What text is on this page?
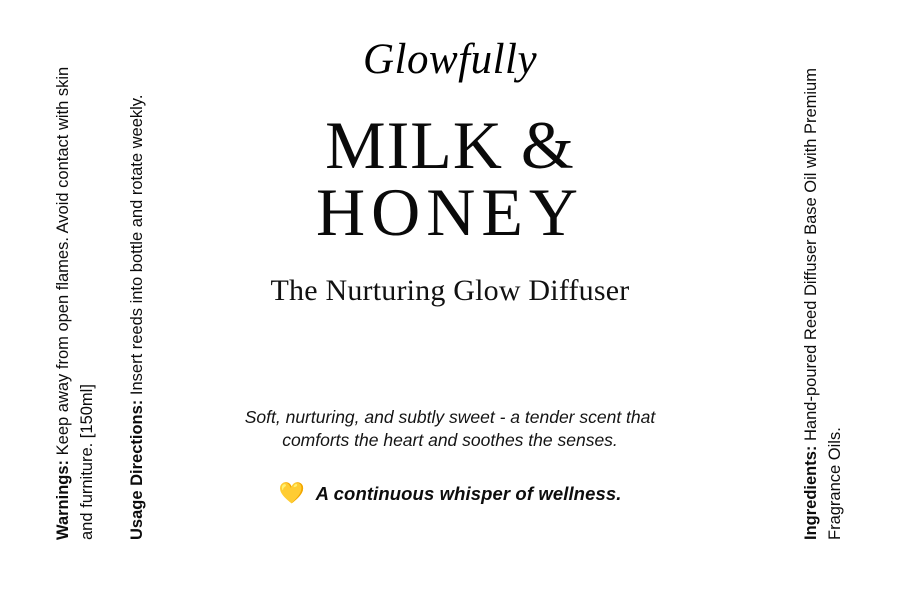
Warnings: Keep away from open flames. Avoid contact with skin and furniture. [150ml] Usage Directions: Insert reeds into bottle and rotate weekly.
Ingredients: Hand-poured Reed Diffuser Base Oil with Premium Fragrance Oils.
Glowfully
MILK &
HONEY
The Nurturing Glow Diffuser
Soft, nurturing, and subtly sweet - a tender scent that comforts the heart and soothes the senses.
💛 A continuous whisper of wellness.
